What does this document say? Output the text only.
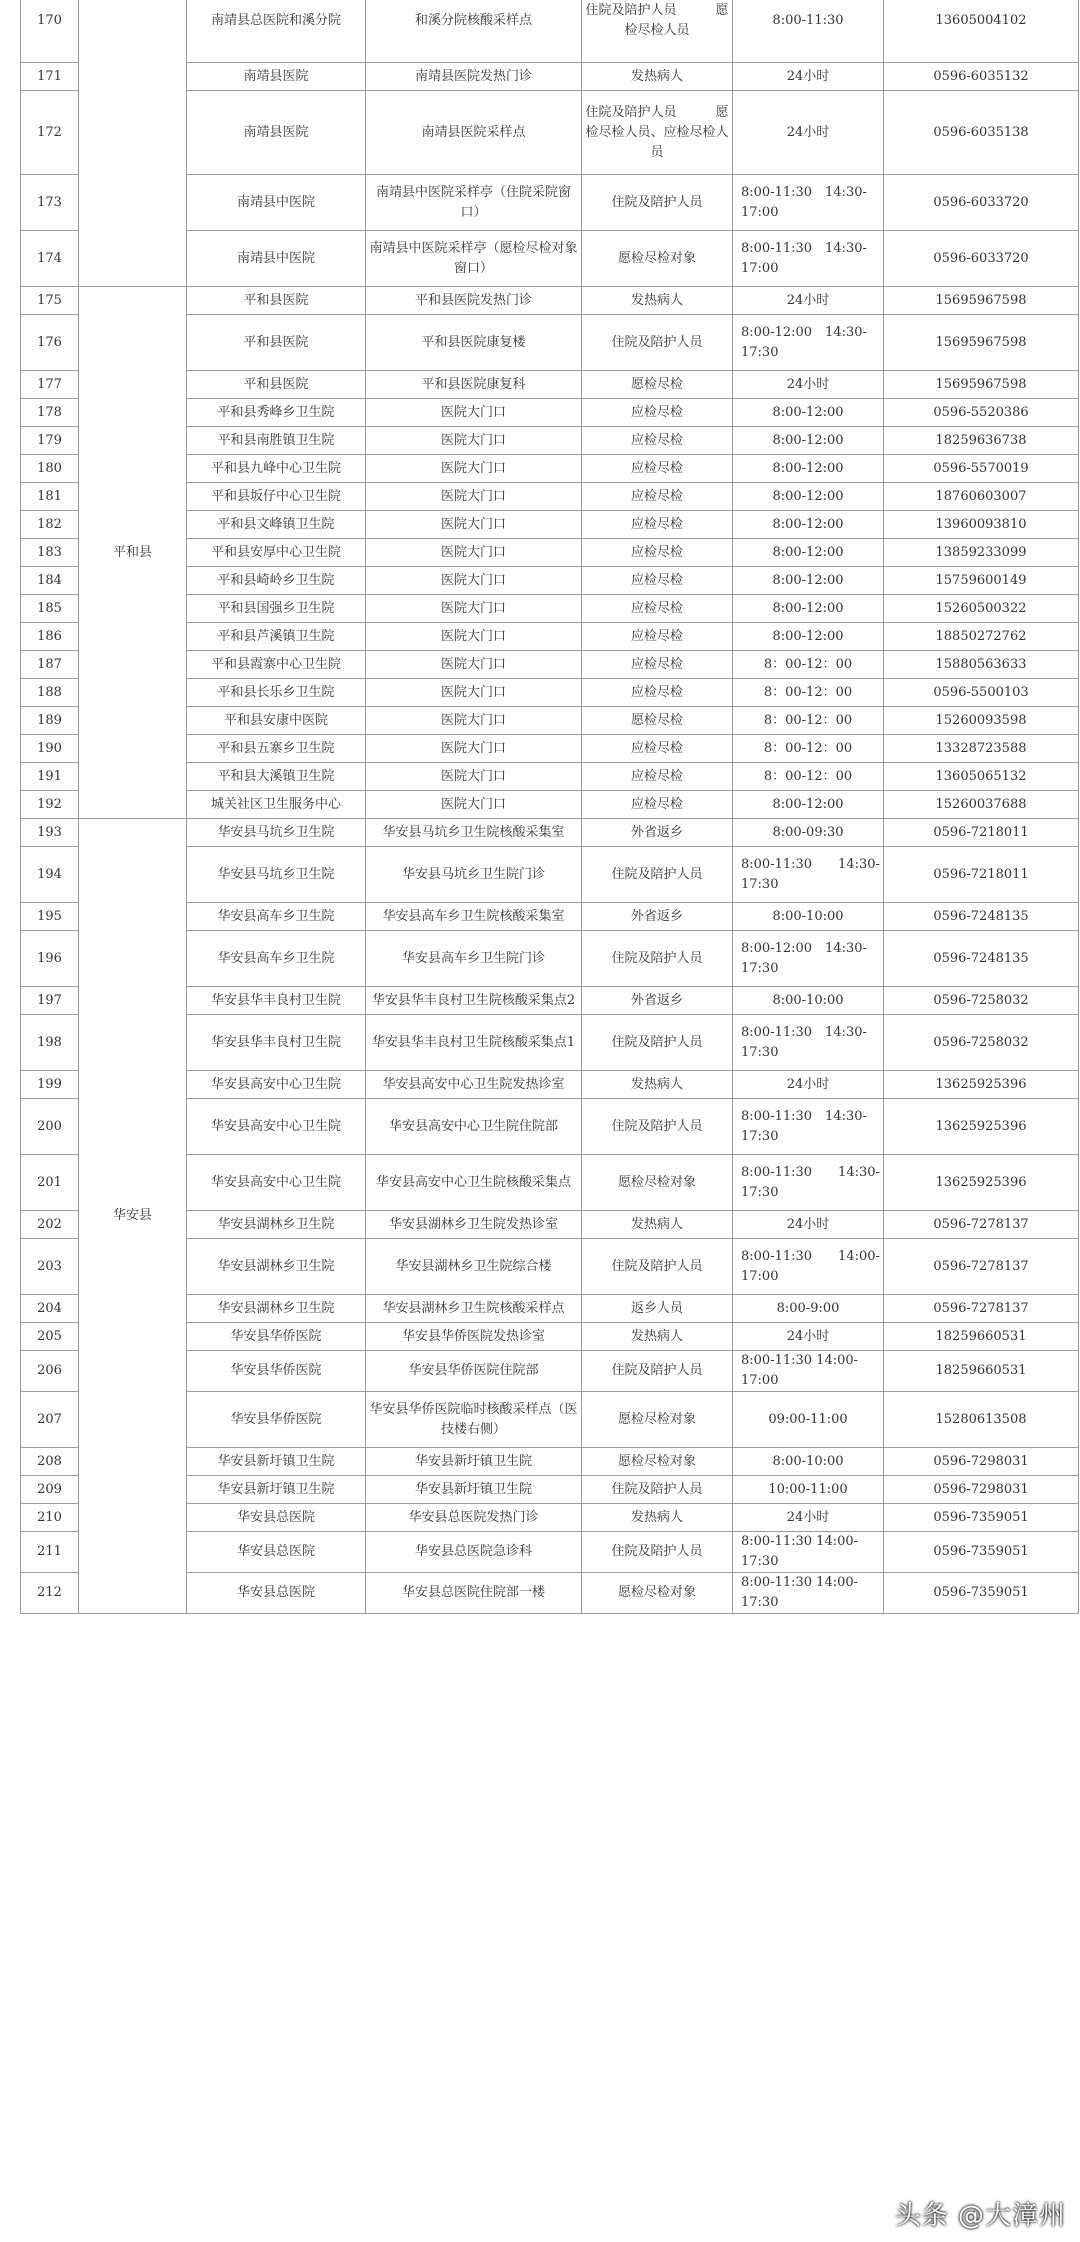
170		南靖县总医院和溪分院	和溪分院核酸采样点	住院及陪护人员　　　愿检尽检人员	8:00-11:30	13605004102
171		南靖县医院	南靖县医院发热门诊	发热病人	24小时	0596-6035132
172		南靖县医院	南靖县医院采样点	住院及陪护人员　　　愿检尽检人员、应检尽检人员	24小时	0596-6035138
173		南靖县中医院	南靖县中医院采样亭（住院采院窗口）	住院及陪护人员	8:00-11:30　14:30-17:00	0596-6033720
174		南靖县中医院	南靖县中医院采样亭（愿检尽检对象窗口）	愿检尽检对象	8:00-11:30　14:30-17:00	0596-6033720
175	平和县	平和县医院	平和县医院发热门诊	发热病人	24小时	15695967598
176		平和县医院	平和县医院康复楼	住院及陪护人员	8:00-12:00　14:30-17:30	15695967598
177		平和县医院	平和县医院康复科	愿检尽检	24小时	15695967598
178		平和县秀峰乡卫生院	医院大门口	应检尽检	8:00-12:00	0596-5520386
179		平和县南胜镇卫生院	医院大门口	应检尽检	8:00-12:00	18259636738
180		平和县九峰中心卫生院	医院大门口	应检尽检	8:00-12:00	0596-5570019
181		平和县坂仔中心卫生院	医院大门口	应检尽检	8:00-12:00	18760603007
182		平和县文峰镇卫生院	医院大门口	应检尽检	8:00-12:00	13960093810
183		平和县安厚中心卫生院	医院大门口	应检尽检	8:00-12:00	13859233099
184		平和县崎岭乡卫生院	医院大门口	应检尽检	8:00-12:00	15759600149
185		平和县国强乡卫生院	医院大门口	应检尽检	8:00-12:00	15260500322
186		平和县芦溪镇卫生院	医院大门口	应检尽检	8:00-12:00	18850272762
187		平和县霞寨中心卫生院	医院大门口	应检尽检	8：00-12：00	15880563633
188		平和县长乐乡卫生院	医院大门口	应检尽检	8：00-12：00	0596-5500103
189		平和县安康中医院	医院大门口	愿检尽检	8：00-12：00	15260093598
190		平和县五寨乡卫生院	医院大门口	应检尽检	8：00-12：00	13328723588
191		平和县大溪镇卫生院	医院大门口	应检尽检	8：00-12：00	13605065132
192		城关社区卫生服务中心	医院大门口	应检尽检	8:00-12:00	15260037688
193	华安县	华安县马坑乡卫生院	华安县马坑乡卫生院核酸采集室	外省返乡	8:00-09:30	0596-7218011
194		华安县马坑乡卫生院	华安县马坑乡卫生院门诊	住院及陪护人员	8:00-11:30　　14:30-17:30	0596-7218011
195		华安县高车乡卫生院	华安县高车乡卫生院核酸采集室	外省返乡	8:00-10:00	0596-7248135
196		华安县高车乡卫生院	华安县高车乡卫生院门诊	住院及陪护人员	8:00-12:00　14:30-17:30	0596-7248135
197		华安县华丰良村卫生院	华安县华丰良村卫生院核酸采集点2	外省返乡	8:00-10:00	0596-7258032
198		华安县华丰良村卫生院	华安县华丰良村卫生院核酸采集点1	住院及陪护人员	8:00-11:30　14:30-17:30	0596-7258032
199		华安县高安中心卫生院	华安县高安中心卫生院发热诊室	发热病人	24小时	13625925396
200		华安县高安中心卫生院	华安县高安中心卫生院住院部	住院及陪护人员	8:00-11:30　14:30-17:30	13625925396
201		华安县高安中心卫生院	华安县高安中心卫生院核酸采集点	愿检尽检对象	8:00-11:30　　14:30-17:30	13625925396
202		华安县湖林乡卫生院	华安县湖林乡卫生院发热诊室	发热病人	24小时	0596-7278137
203		华安县湖林乡卫生院	华安县湖林乡卫生院综合楼	住院及陪护人员	8:00-11:30　　14:00-17:00	0596-7278137
204		华安县湖林乡卫生院	华安县湖林乡卫生院核酸采样点	返乡人员	8:00-9:00	0596-7278137
205		华安县华侨医院	华安县华侨医院发热诊室	发热病人	24小时	18259660531
206		华安县华侨医院	华安县华侨医院住院部	住院及陪护人员	8:00-11:30 14:00-17:00	18259660531
207		华安县华侨医院	华安县华侨医院临时核酸采样点（医技楼右侧）	愿检尽检对象	09:00-11:00	15280613508
208		华安县新圩镇卫生院	华安县新圩镇卫生院	愿检尽检对象	8:00-10:00	0596-7298031
209		华安县新圩镇卫生院	华安县新圩镇卫生院	住院及陪护人员	10:00-11:00	0596-7298031
210		华安县总医院	华安县总医院发热门诊	发热病人	24小时	0596-7359051
211		华安县总医院	华安县总医院急诊科	住院及陪护人员	8:00-11:30 14:00-17:30	0596-7359051
212		华安县总医院	华安县总医院住院部一楼	愿检尽检对象	8:00-11:30 14:00-17:30	0596-7359051
头条 @大漳州
